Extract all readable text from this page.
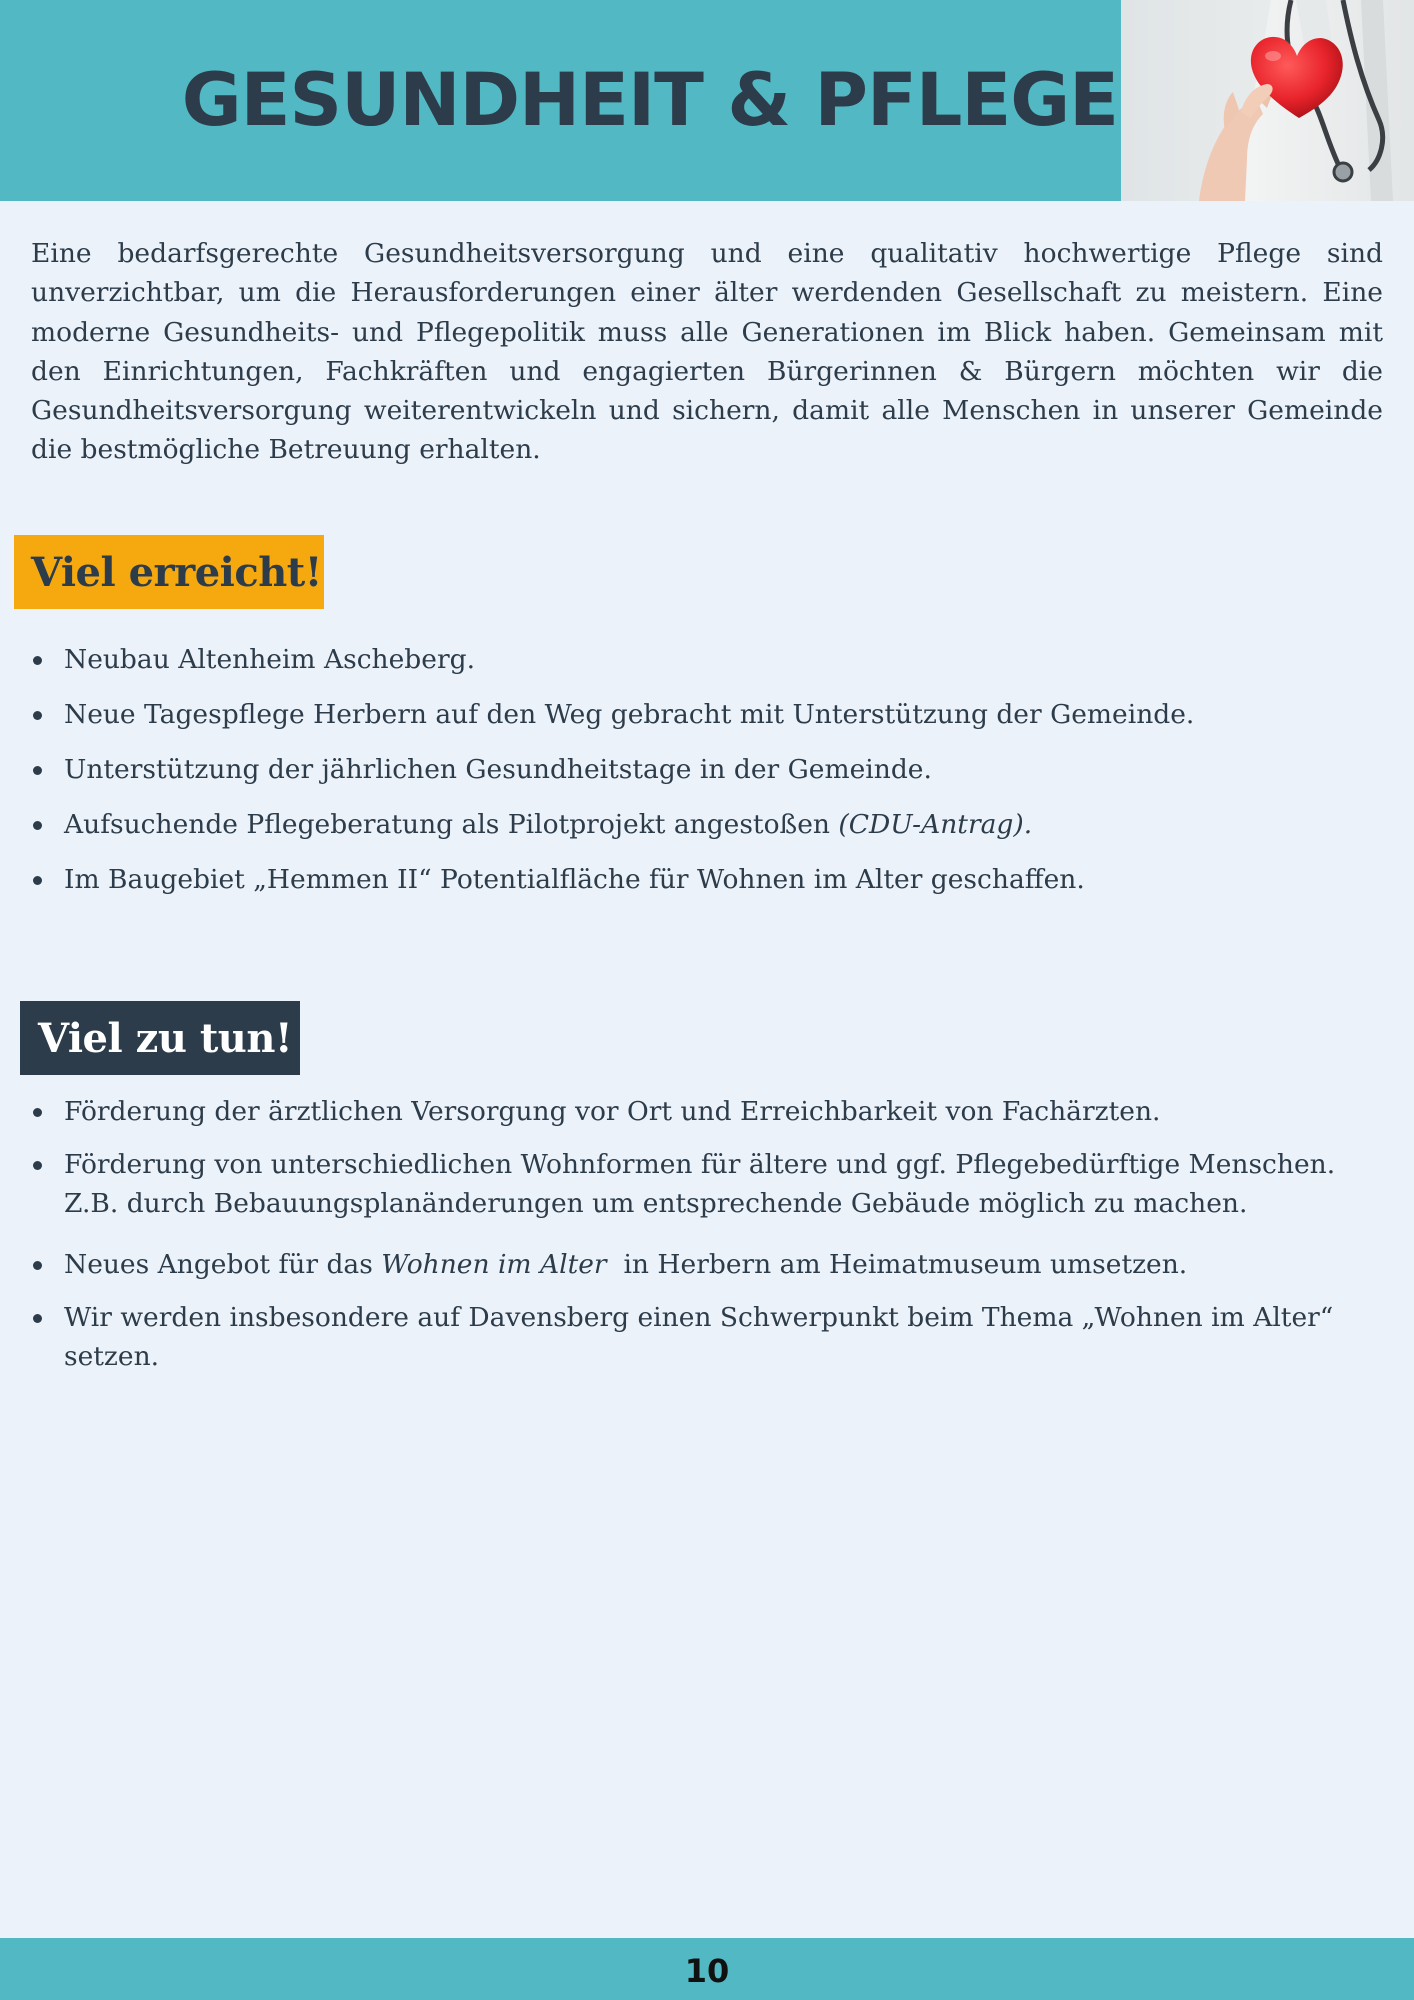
GESUNDHEIT & PFLEGE

Eine bedarfsgerechte Gesundheitsversorgung und eine qualitativ hochwertige Pflege sind unverzichtbar, um die Herausforderungen einer älter werdenden Gesellschaft zu meistern. Eine moderne Gesundheits- und Pflegepolitik muss alle Generationen im Blick haben. Gemeinsam mit den Einrichtungen, Fachkräften und engagierten Bürgerinnen & Bürgern möchten wir die Gesundheitsversorgung weiterentwickeln und sichern, damit alle Menschen in unserer Gemeinde die bestmögliche Betreuung erhalten.

Viel erreicht!
Neubau Altenheim Ascheberg.
Neue Tagespflege Herbern auf den Weg gebracht mit Unterstützung der Gemeinde.
Unterstützung der jährlichen Gesundheitstage in der Gemeinde.
Aufsuchende Pflegeberatung als Pilotprojekt angestoßen (CDU-Antrag).
Im Baugebiet „Hemmen II“ Potentialfläche für Wohnen im Alter geschaffen.
Viel zu tun!
Förderung der ärztlichen Versorgung vor Ort und Erreichbarkeit von Fachärzten.
Förderung von unterschiedlichen Wohnformen für ältere und ggf. Pflegebedürftige Menschen. Z.B. durch Bebauungsplanänderungen um entsprechende Gebäude möglich zu machen.
Neues Angebot für das Wohnen im Alter  in Herbern am Heimatmuseum umsetzen.
Wir werden insbesondere auf Davensberg einen Schwerpunkt beim Thema „Wohnen im Alter“ setzen.
10
